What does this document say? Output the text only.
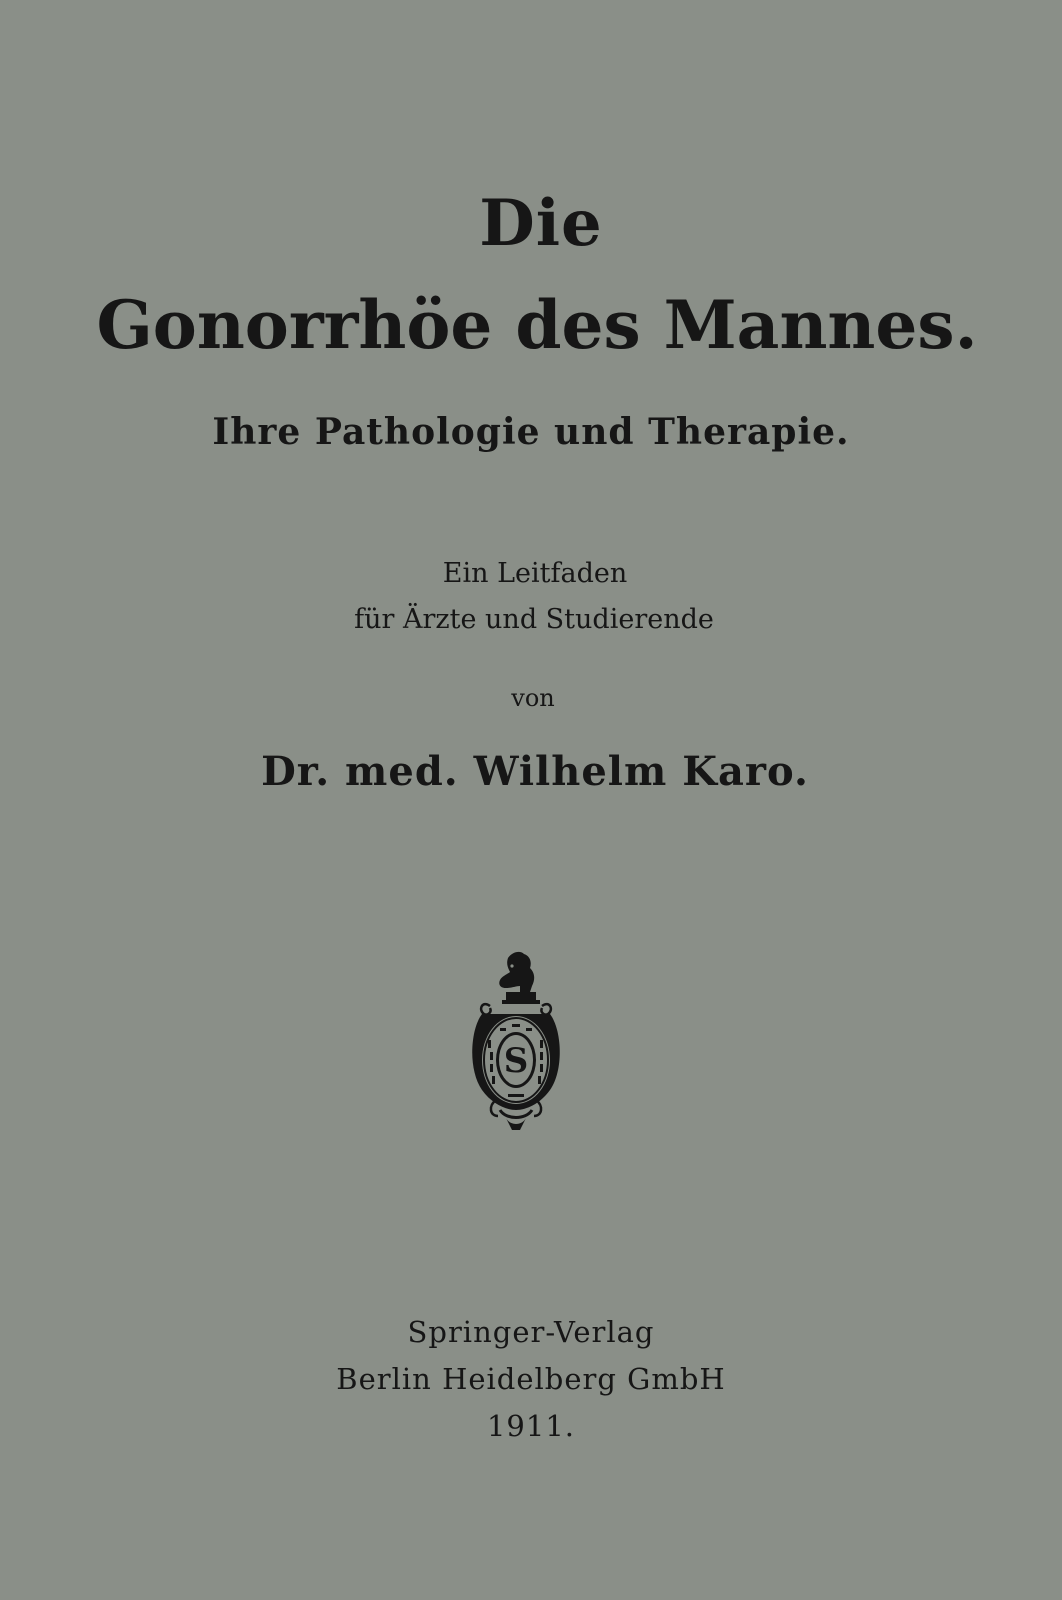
Die
Gonorrhöe des Mannes.
Ihre Pathologie und Therapie.
Ein Leitfaden
für Ärzte und Studierende
von
Dr. med. Wilhelm Karo.
S
Springer-Verlag
Berlin Heidelberg GmbH
1911.
